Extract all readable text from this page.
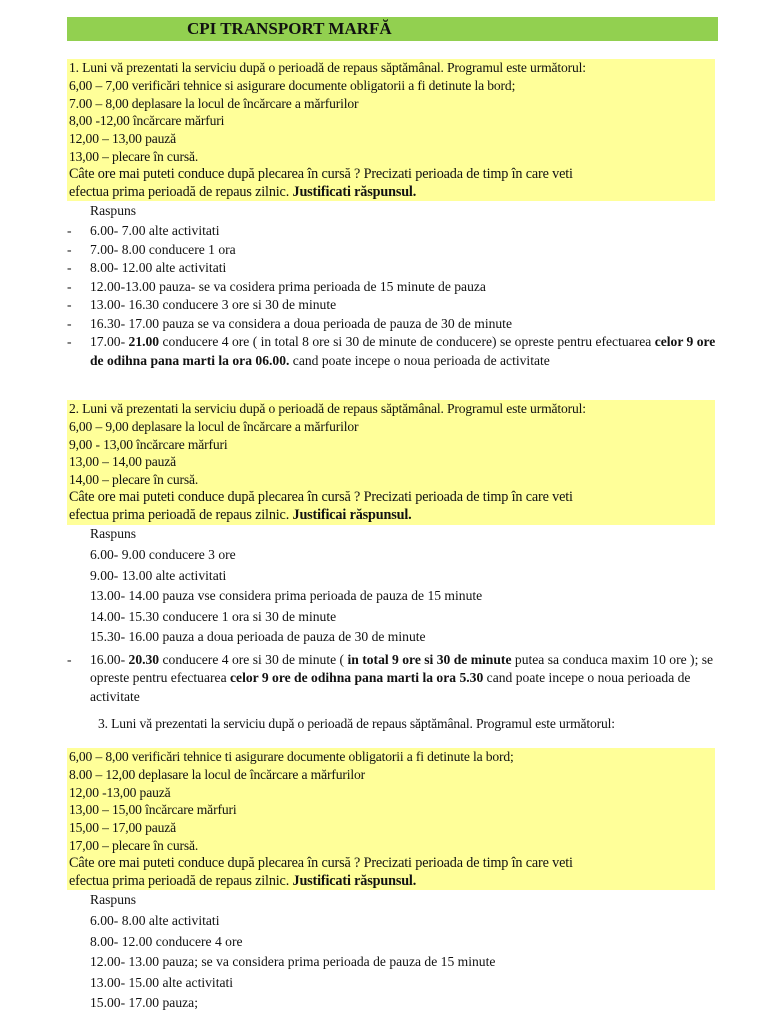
CPI TRANSPORT MARFĂ
1. Luni vă prezentati la serviciu după o perioadă de repaus săptămânal. Programul este următorul:
6,00 – 7,00 verificări tehnice si asigurare documente obligatorii a fi detinute la bord;
7.00 – 8,00 deplasare la locul de încărcare a mărfurilor
8,00 -12,00 încărcare mărfuri
12,00 – 13,00 pauză
13,00 – plecare în cursă.
Câte ore mai puteti conduce după plecarea în cursă ? Precizati perioada de timp în care veti
efectua prima perioadă de repaus zilnic. Justificati răspunsul.
Raspuns
- 6.00- 7.00 alte activitati
- 7.00- 8.00 conducere 1 ora
- 8.00- 12.00 alte activitati
- 12.00-13.00 pauza- se va cosidera prima perioada de 15 minute de pauza
- 13.00- 16.30 conducere 3 ore si 30 de minute
- 16.30- 17.00 pauza se va considera a doua perioada de pauza de 30 de minute
- 17.00- 21.00 conducere 4 ore ( in total 8 ore si 30 de minute de conducere) se opreste pentru efectuarea celor 9 ore de odihna pana marti la ora 06.00. cand poate incepe o noua perioada de activitate
2. Luni vă prezentati la serviciu după o perioadă de repaus săptămânal. Programul este următorul:
6,00 – 9,00 deplasare la locul de încărcare a mărfurilor
9,00 - 13,00 încărcare mărfuri
13,00 – 14,00 pauză
14,00 – plecare în cursă.
Câte ore mai puteti conduce după plecarea în cursă ? Precizati perioada de timp în care veti
efectua prima perioadă de repaus zilnic. Justificai răspunsul.
Raspuns
6.00- 9.00 conducere 3 ore
9.00- 13.00 alte activitati
13.00- 14.00 pauza vse considera prima perioada de pauza de 15 minute
14.00- 15.30 conducere 1 ora si 30 de minute
15.30- 16.00 pauza a doua perioada de pauza de 30 de minute
- 16.00- 20.30 conducere 4 ore si 30 de minute ( in total 9 ore si 30 de minute putea sa conduca maxim 10 ore ); se opreste pentru efectuarea celor 9 ore de odihna pana marti la ora 5.30 cand poate incepe o noua perioada de activitate
3. Luni vă prezentati la serviciu după o perioadă de repaus săptămânal. Programul este următorul:
6,00 – 8,00 verificări tehnice ti asigurare documente obligatorii a fi detinute la bord;
8.00 – 12,00 deplasare la locul de încărcare a mărfurilor
12,00 -13,00 pauză
13,00 – 15,00 încărcare mărfuri
15,00 – 17,00 pauză
17,00 – plecare în cursă.
Câte ore mai puteti conduce după plecarea în cursă ? Precizati perioada de timp în care veti
efectua prima perioadă de repaus zilnic. Justificati răspunsul.
Raspuns
6.00- 8.00 alte activitati
8.00- 12.00 conducere 4 ore
12.00- 13.00 pauza; se va considera prima perioada de pauza de 15 minute
13.00- 15.00 alte activitati
15.00- 17.00 pauza;
